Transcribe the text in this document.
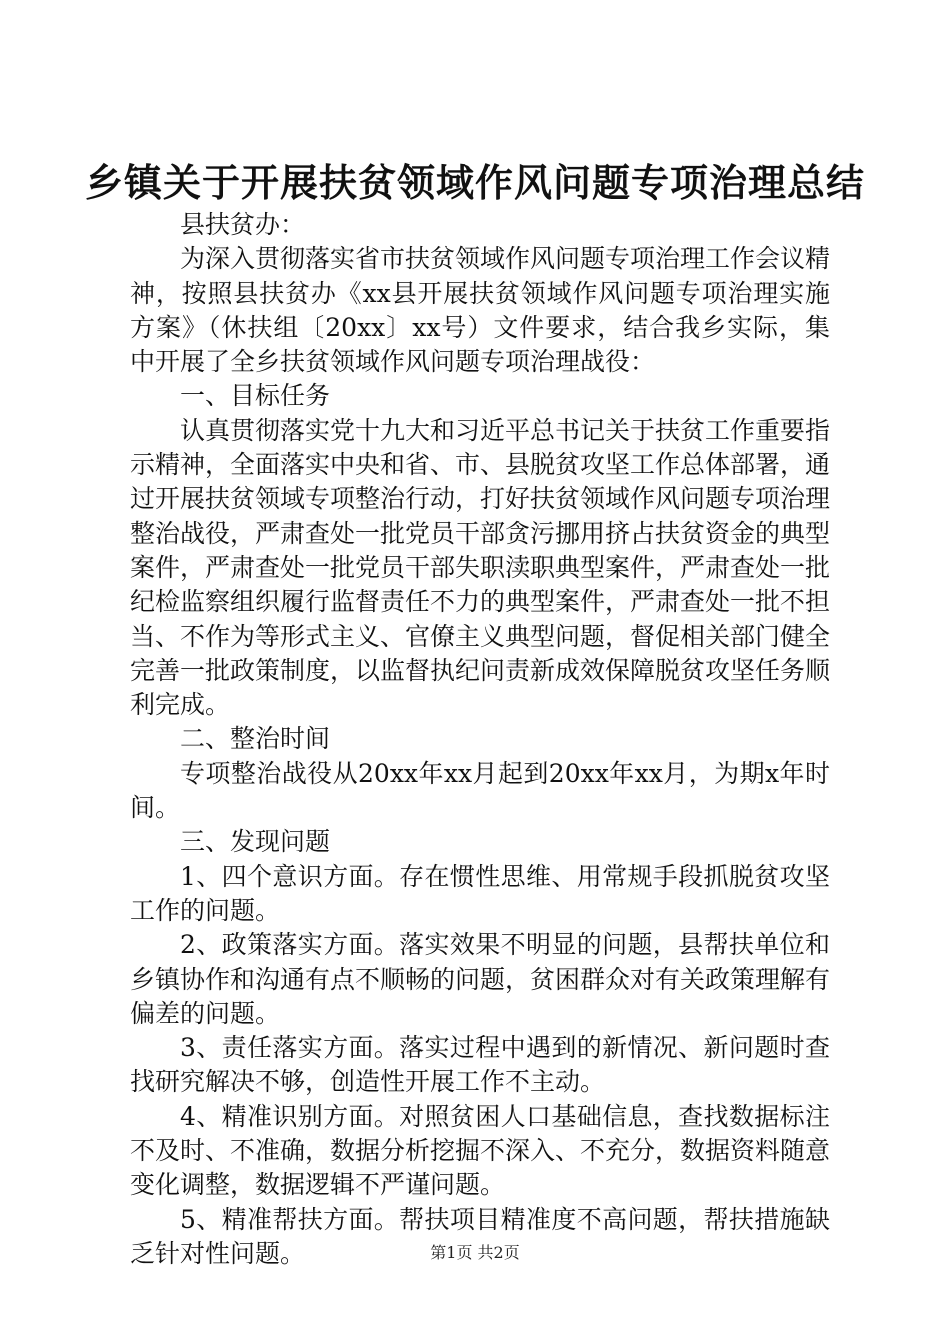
乡镇关于开展扶贫领域作风问题专项治理总结

县扶贫办：

为深入贯彻落实省市扶贫领域作风问题专项治理工作会议精神，按照县扶贫办《xx县开展扶贫领域作风问题专项治理实施方案》（休扶组〔20xx〕xx号）文件要求，结合我乡实际，集中开展了全乡扶贫领域作风问题专项治理战役：

一、目标任务

认真贯彻落实党十九大和习近平总书记关于扶贫工作重要指示精神，全面落实中央和省、市、县脱贫攻坚工作总体部署，通过开展扶贫领域专项整治行动，打好扶贫领域作风问题专项治理整治战役，严肃查处一批党员干部贪污挪用挤占扶贫资金的典型案件，严肃查处一批党员干部失职渎职典型案件，严肃查处一批纪检监察组织履行监督责任不力的典型案件，严肃查处一批不担当、不作为等形式主义、官僚主义典型问题，督促相关部门健全完善一批政策制度，以监督执纪问责新成效保障脱贫攻坚任务顺利完成。

二、整治时间

专项整治战役从20xx年xx月起到20xx年xx月，为期x年时间。

三、发现问题

1、四个意识方面。存在惯性思维、用常规手段抓脱贫攻坚工作的问题。

2、政策落实方面。落实效果不明显的问题，县帮扶单位和乡镇协作和沟通有点不顺畅的问题，贫困群众对有关政策理解有偏差的问题。

3、责任落实方面。落实过程中遇到的新情况、新问题时查找研究解决不够，创造性开展工作不主动。

4、精准识别方面。对照贫困人口基础信息，查找数据标注不及时、不准确，数据分析挖掘不深入、不充分，数据资料随意变化调整，数据逻辑不严谨问题。

5、精准帮扶方面。帮扶项目精准度不高问题，帮扶措施缺乏针对性问题。	第1页 共2页
